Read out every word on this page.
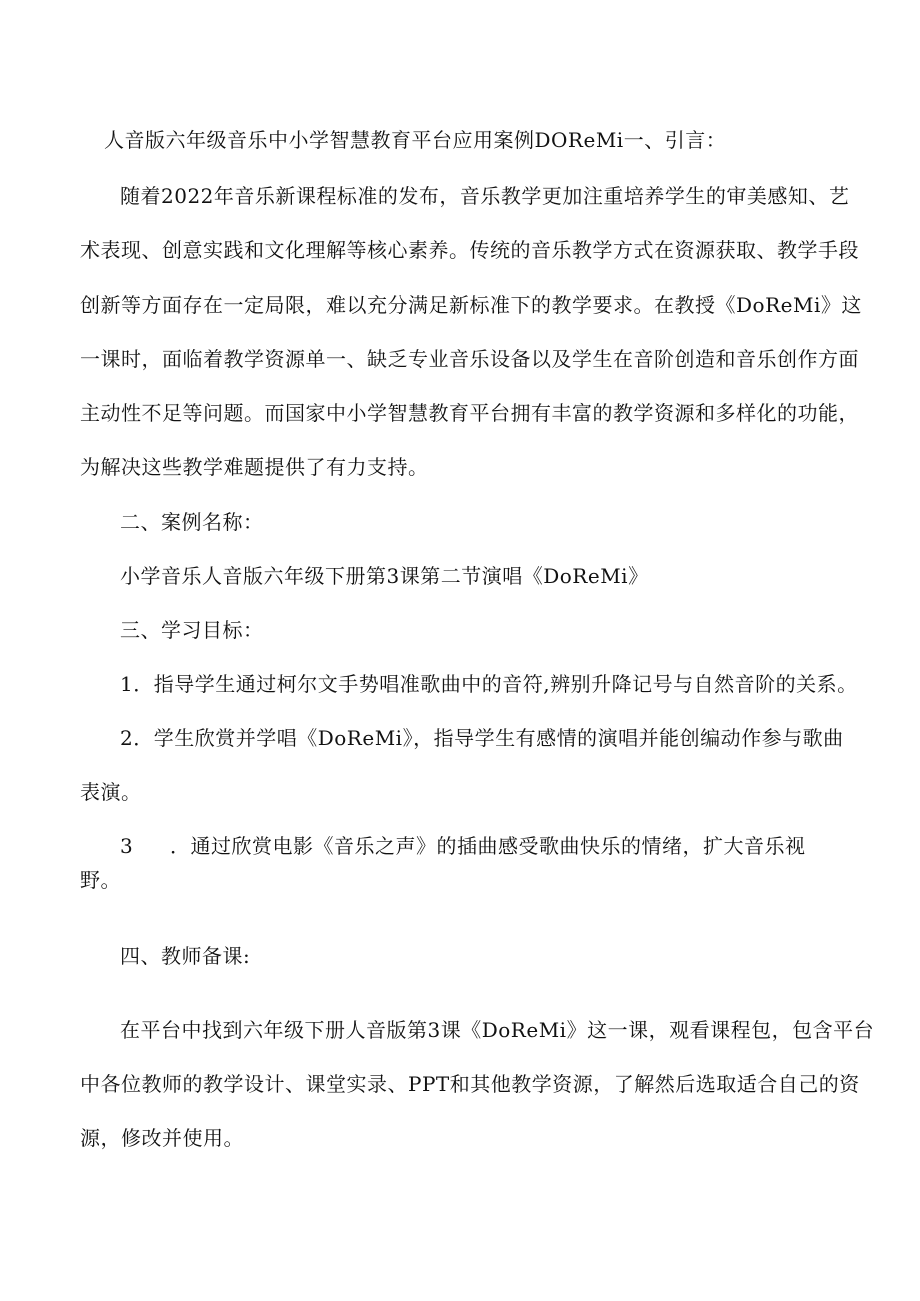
人音版六年级音乐中小学智慧教育平台应用案例DOReMi一、引言：
随着2022年音乐新课程标准的发布，音乐教学更加注重培养学生的审美感知、艺
术表现、创意实践和文化理解等核心素养。传统的音乐教学方式在资源获取、教学手段
创新等方面存在一定局限，难以充分满足新标准下的教学要求。在教授《DoReMi》这
一课时，面临着教学资源单一、缺乏专业音乐设备以及学生在音阶创造和音乐创作方面
主动性不足等问题。而国家中小学智慧教育平台拥有丰富的教学资源和多样化的功能，
为解决这些教学难题提供了有力支持。
二、案例名称：
小学音乐人音版六年级下册第3课第二节演唱《DoReMi》
三、学习目标：
1．指导学生通过柯尔文手势唱准歌曲中的音符,辨别升降记号与自然音阶的关系。
2．学生欣赏并学唱《DoReMi》，指导学生有感情的演唱并能创编动作参与歌曲
表演。
3 ．通过欣赏电影《音乐之声》的插曲感受歌曲快乐的情绪，扩大音乐视
野。
四、教师备课:
在平台中找到六年级下册人音版第3课《DoReMi》这一课，观看课程包，包含平台
中各位教师的教学设计、课堂实录、PPT和其他教学资源，了解然后选取适合自己的资
源，修改并使用。
